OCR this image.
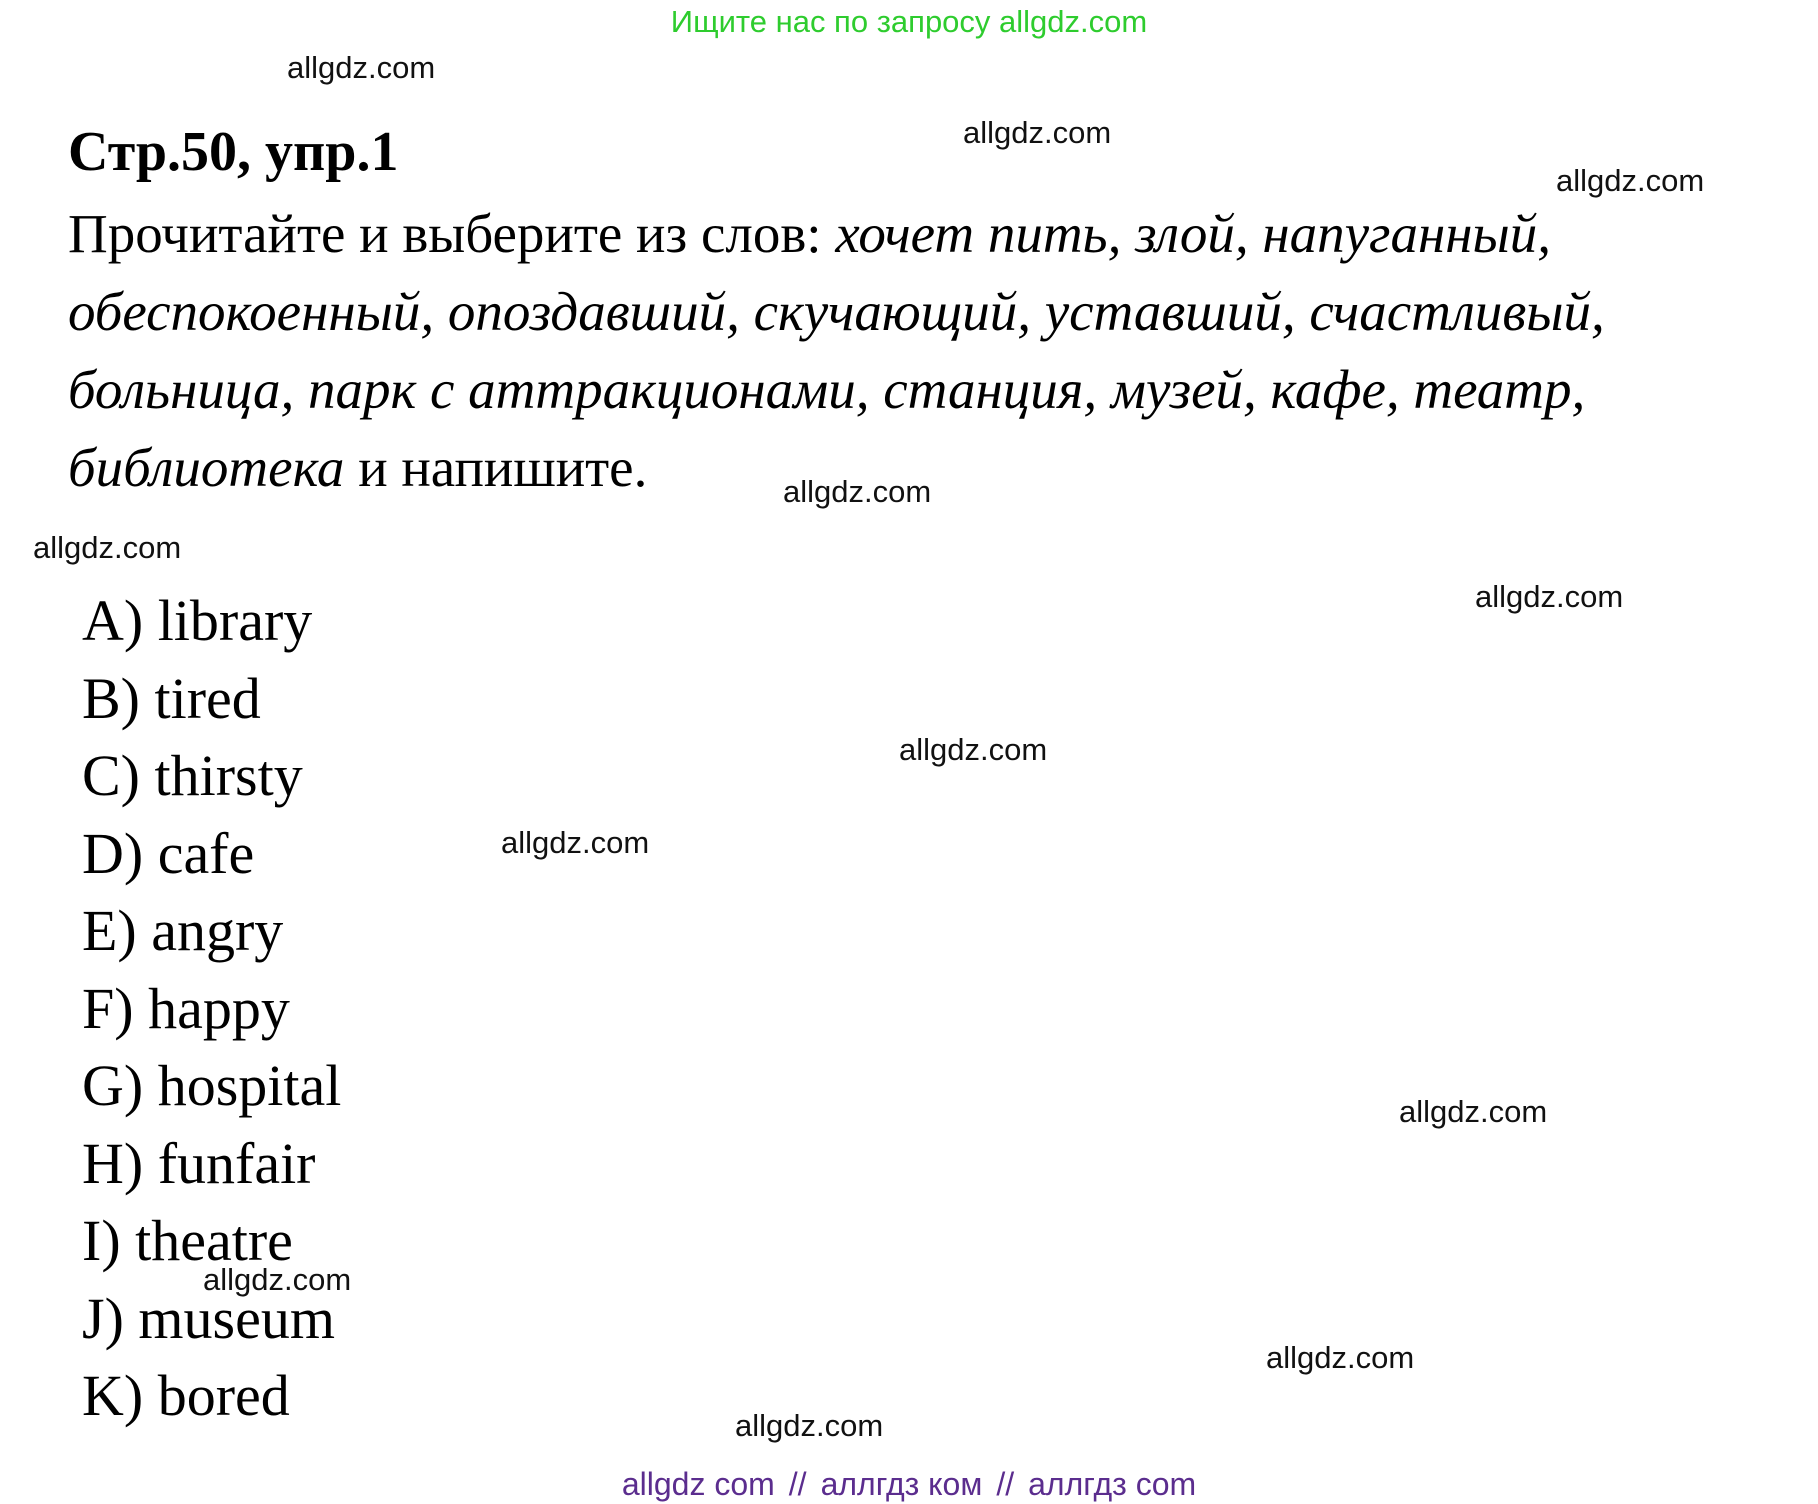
Ищите нас по запросу allgdz.com
Стр.50, упр.1
Прочитайте и выберите из слов: хочет пить, злой, напуганный,
обеспокоенный, опоздавший, скучающий, уставший, счастливый,
больница, парк с аттракционами, станция, музей, кафе, театр,
библиотека и напишите.
A) library
B) tired
C) thirsty
D) cafe
E) angry
F) happy
G) hospital
H) funfair
I) theatre
J) museum
K) bored
allgdz.com
allgdz.com
allgdz.com
allgdz.com
allgdz.com
allgdz.com
allgdz.com
allgdz.com
allgdz.com
allgdz.com
allgdz.com
allgdz.com
allgdz com // аллгдз ком // аллгдз com
